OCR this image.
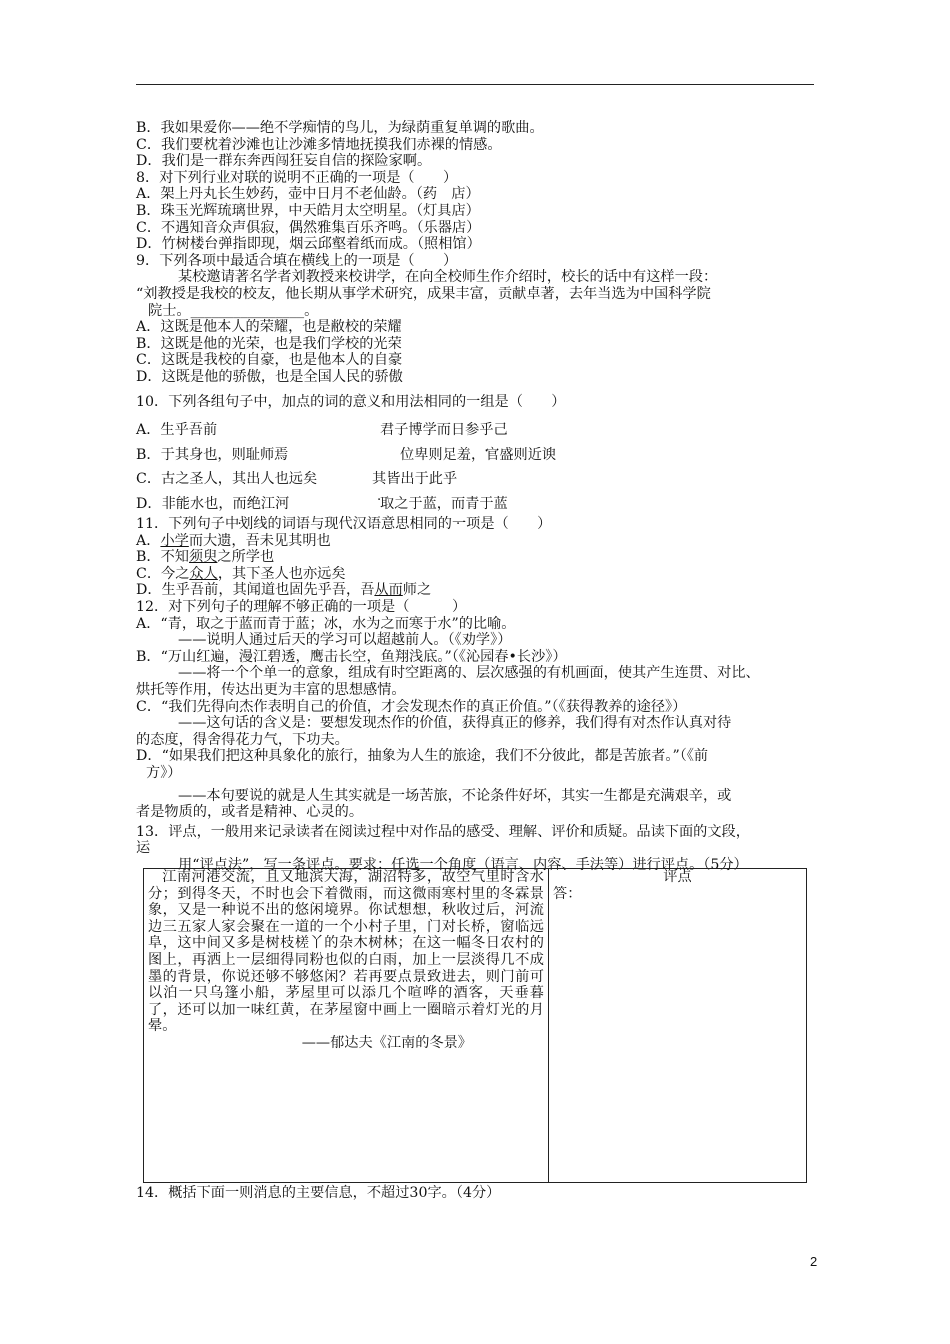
B．我如果爱你——绝不学痴情的鸟儿，为绿荫重复单调的歌曲。
C．我们要枕着沙滩也让沙滩多情地抚摸我们赤裸的情感。
D．我们是一群东奔西闯狂妄自信的探险家啊。
8．对下列行业对联的说明不正确的一项是（　　）
A．架上丹丸长生妙药，壶中日月不老仙龄。（药　店）
B．珠玉光辉琉璃世界，中天皓月太空明星。（灯具店）
C．不遇知音众声俱寂，偶然雅集百乐齐鸣。（乐器店）
D．竹树楼台弹指即现，烟云邱壑着纸而成。（照相馆）
9．下列各项中最适合填在横线上的一项是（　　）
某校邀请著名学者刘教授来校讲学，在向全校师生作介绍时，校长的话中有这样一段：
“刘教授是我校的校友，他长期从事学术研究，成果丰富，贡献卓著，去年当选为中国科学院
院士。________________。
A．这既是他本人的荣耀，也是敝校的荣耀
B．这既是他的光荣，也是我们学校的光荣
C．这既是我校的自豪，也是他本人的自豪
D．这既是他的骄傲，也是全国人民的骄傲
10．下列各组句子中，加点的词的意义和用法相同的一组是（　　）
A．生乎吾前	君子博学而日参乎己
B．于其身也，则耻师焉	位卑则足羞，官盛则近谀
C．古之圣人，其出人也远矣	其皆出于此乎
D．非能水也，而绝江河	取之于蓝，而青于蓝
11．下列句子中划线的词语与现代汉语意思相同的一项是（　　）
A．小学而大遗，吾未见其明也
B．不知须臾之所学也
C．今之众人，其下圣人也亦远矣
D．生乎吾前，其闻道也固先乎吾，吾从而师之
12．对下列句子的理解不够正确的一项是（　　　）
A．“青，取之于蓝而青于蓝；冰，水为之而寒于水”的比喻。
——说明人通过后天的学习可以超越前人。（《劝学》）
B．“万山红遍，漫江碧透，鹰击长空，鱼翔浅底。”（《沁园春•长沙》）
——将一个个单一的意象，组成有时空距离的、层次感强的有机画面，使其产生连贯、对比、
烘托等作用，传达出更为丰富的思想感情。
C．“我们先得向杰作表明自己的价值，才会发现杰作的真正价值。”（《获得教养的途径》）
——这句话的含义是：要想发现杰作的价值，获得真正的修养，我们得有对杰作认真对待
的态度，得舍得花力气，下功夫。
D．“如果我们把这种具象化的旅行，抽象为人生的旅途，我们不分彼此，都是苦旅者。”（《前
方》）
——本句要说的就是人生其实就是一场苦旅，不论条件好坏，其实一生都是充满艰辛，或
者是物质的，或者是精神、心灵的。
13．评点，一般用来记录读者在阅读过程中对作品的感受、理解、评价和质疑。品读下面的文段，
运
用“评点法”，写一条评点。要求：任选一个角度（语言、内容、手法等）进行评点。（5分）
江南河港交流，且又地滨大海，湖沼特多，故空气里时含水分；到得冬天，不时也会下着微雨，而这微雨寒村里的冬霖景象，又是一种说不出的悠闲境界。你试想想，秋收过后，河流边三五家人家会聚在一道的一个小村子里，门对长桥，窗临远阜，这中间又多是树枝槎丫的杂木树林；在这一幅冬日农村的图上，再洒上一层细得同粉也似的白雨，加上一层淡得几不成墨的背景，你说还够不够悠闲？若再要点景致进去，则门前可以泊一只乌篷小船，茅屋里可以添几个喧哗的酒客，天垂暮了，还可以加一味红黄，在茅屋窗中画上一圈暗示着灯光的月晕。
——郁达夫《江南的冬景》

评点
答：
14．概括下面一则消息的主要信息，不超过30字。（4分）
2
